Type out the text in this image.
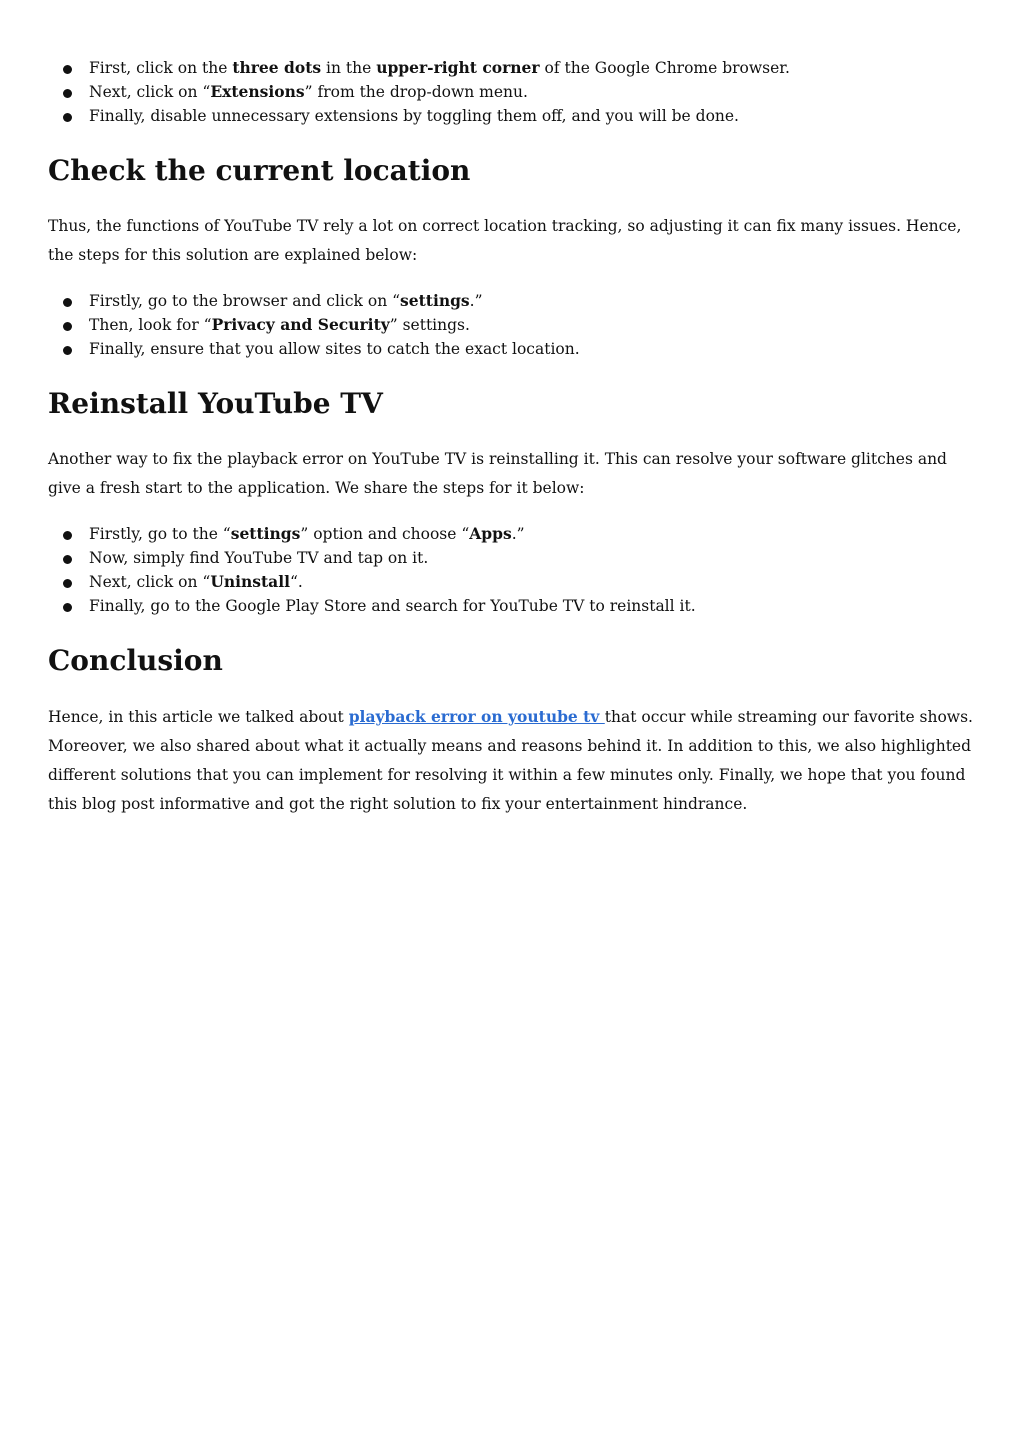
First, click on the three dots in the upper-right corner of the Google Chrome browser.
Next, click on “Extensions” from the drop-down menu.
Finally, disable unnecessary extensions by toggling them off, and you will be done.
Check the current location

Thus, the functions of YouTube TV rely a lot on correct location tracking, so adjusting it can fix many issues. Hence, the steps for this solution are explained below:

Firstly, go to the browser and click on “settings.”
Then, look for “Privacy and Security” settings.
Finally, ensure that you allow sites to catch the exact location.
Reinstall YouTube TV

Another way to fix the playback error on YouTube TV is reinstalling it. This can resolve your software glitches and give a fresh start to the application. We share the steps for it below:

Firstly, go to the “settings” option and choose “Apps.”
Now, simply find YouTube TV and tap on it.
Next, click on “Uninstall“.
Finally, go to the Google Play Store and search for YouTube TV to reinstall it.
Conclusion

Hence, in this article we talked about playback error on youtube tv that occur while streaming our favorite shows. Moreover, we also shared about what it actually means and reasons behind it. In addition to this, we also highlighted different solutions that you can implement for resolving it within a few minutes only. Finally, we hope that you found this blog post informative and got the right solution to fix your entertainment hindrance.
